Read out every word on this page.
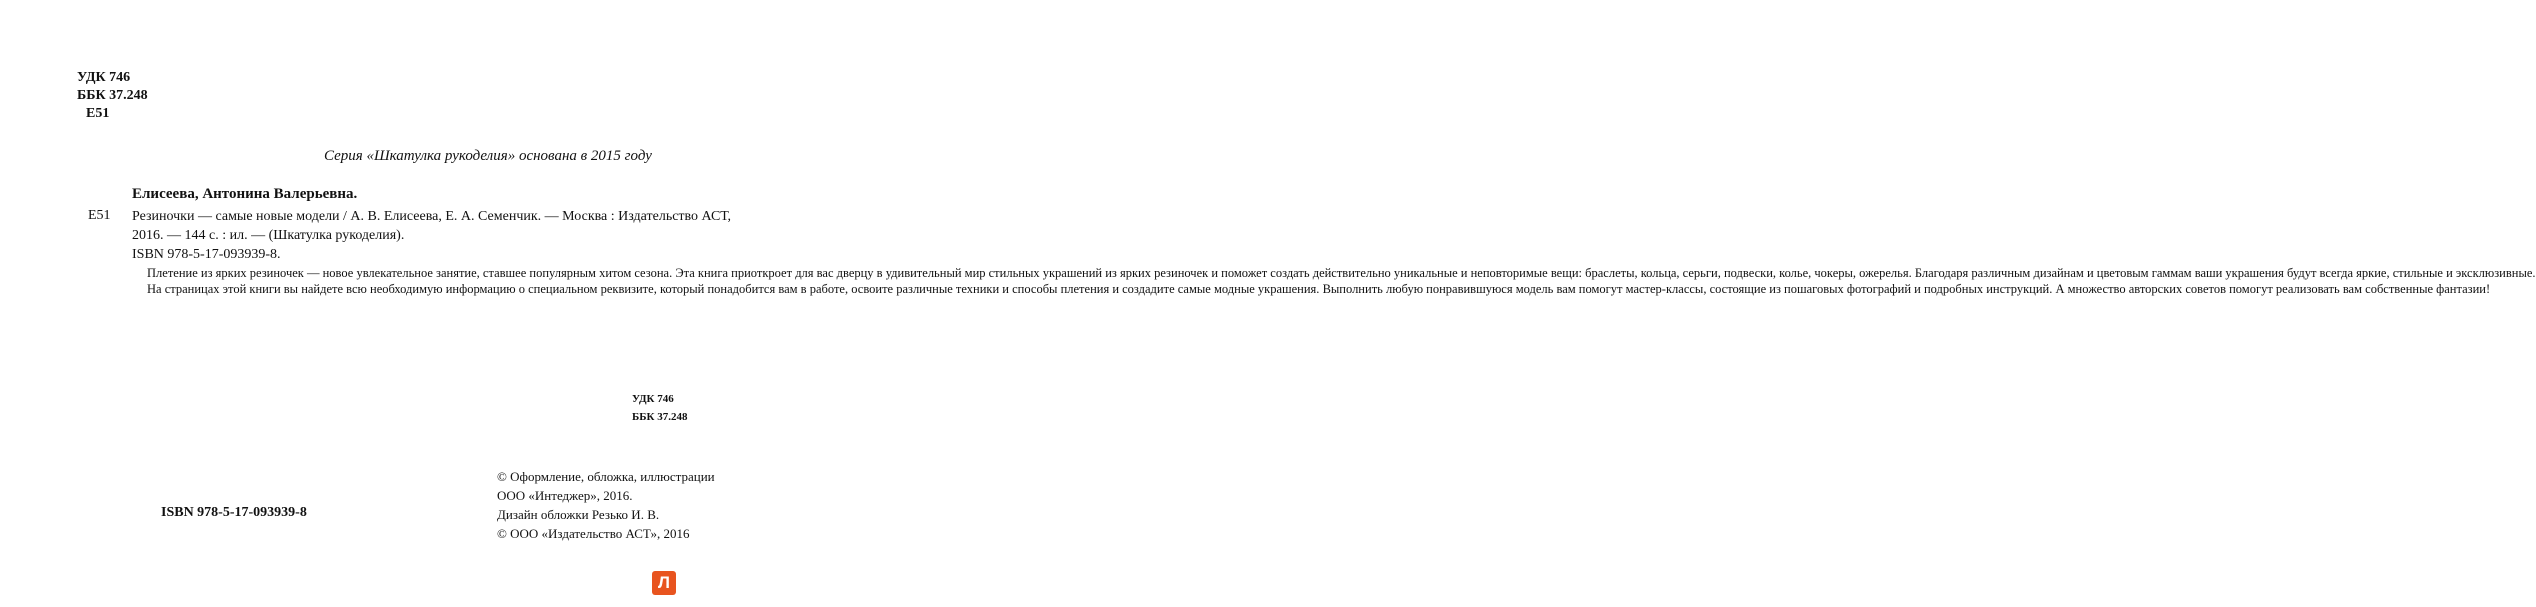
УДК 746
ББК 37.248
Е51
Серия «Шкатулка рукоделия» основана в 2015 году
Елисеева, Антонина Валерьевна.
Е51 Резиночки — самые новые модели / А. В. Елисеева, Е. А. Семенчик. — Москва : Издательство АСТ,
2016. — 144 с. : ил. — (Шкатулка рукоделия).
ISBN 978-5-17-093939-8.

Плетение из ярких резиночек — новое увлекательное занятие, ставшее популярным хитом сезона. Эта книга приоткроет для вас дверцу в удивительный мир стильных украшений из ярких резиночек и поможет создать действительно уникальные и неповторимые вещи: браслеты, кольца, серьги, подвески, колье, чокеры, ожерелья. Благодаря различным дизайнам и цветовым гаммам ваши украшения будут всегда яркие, стильные и эксклюзивные.

На страницах этой книги вы найдете всю необходимую информацию о специальном реквизите, который понадобится вам в работе, освоите различные техники и способы плетения и создадите самые модные украшения. Выполнить любую понравившуюся модель вам помогут мастер-классы, состоящие из пошаговых фотографий и подробных инструкций. А множество авторских советов помогут реализовать вам собственные фантазии!

УДК 746
ББК 37.248
© Оформление, обложка, иллюстрации
ООО «Интеджер», 2016.
Дизайн обложки Резько И. В.
© ООО «Издательство АСТ», 2016
ISBN 978-5-17-093939-8
Л
